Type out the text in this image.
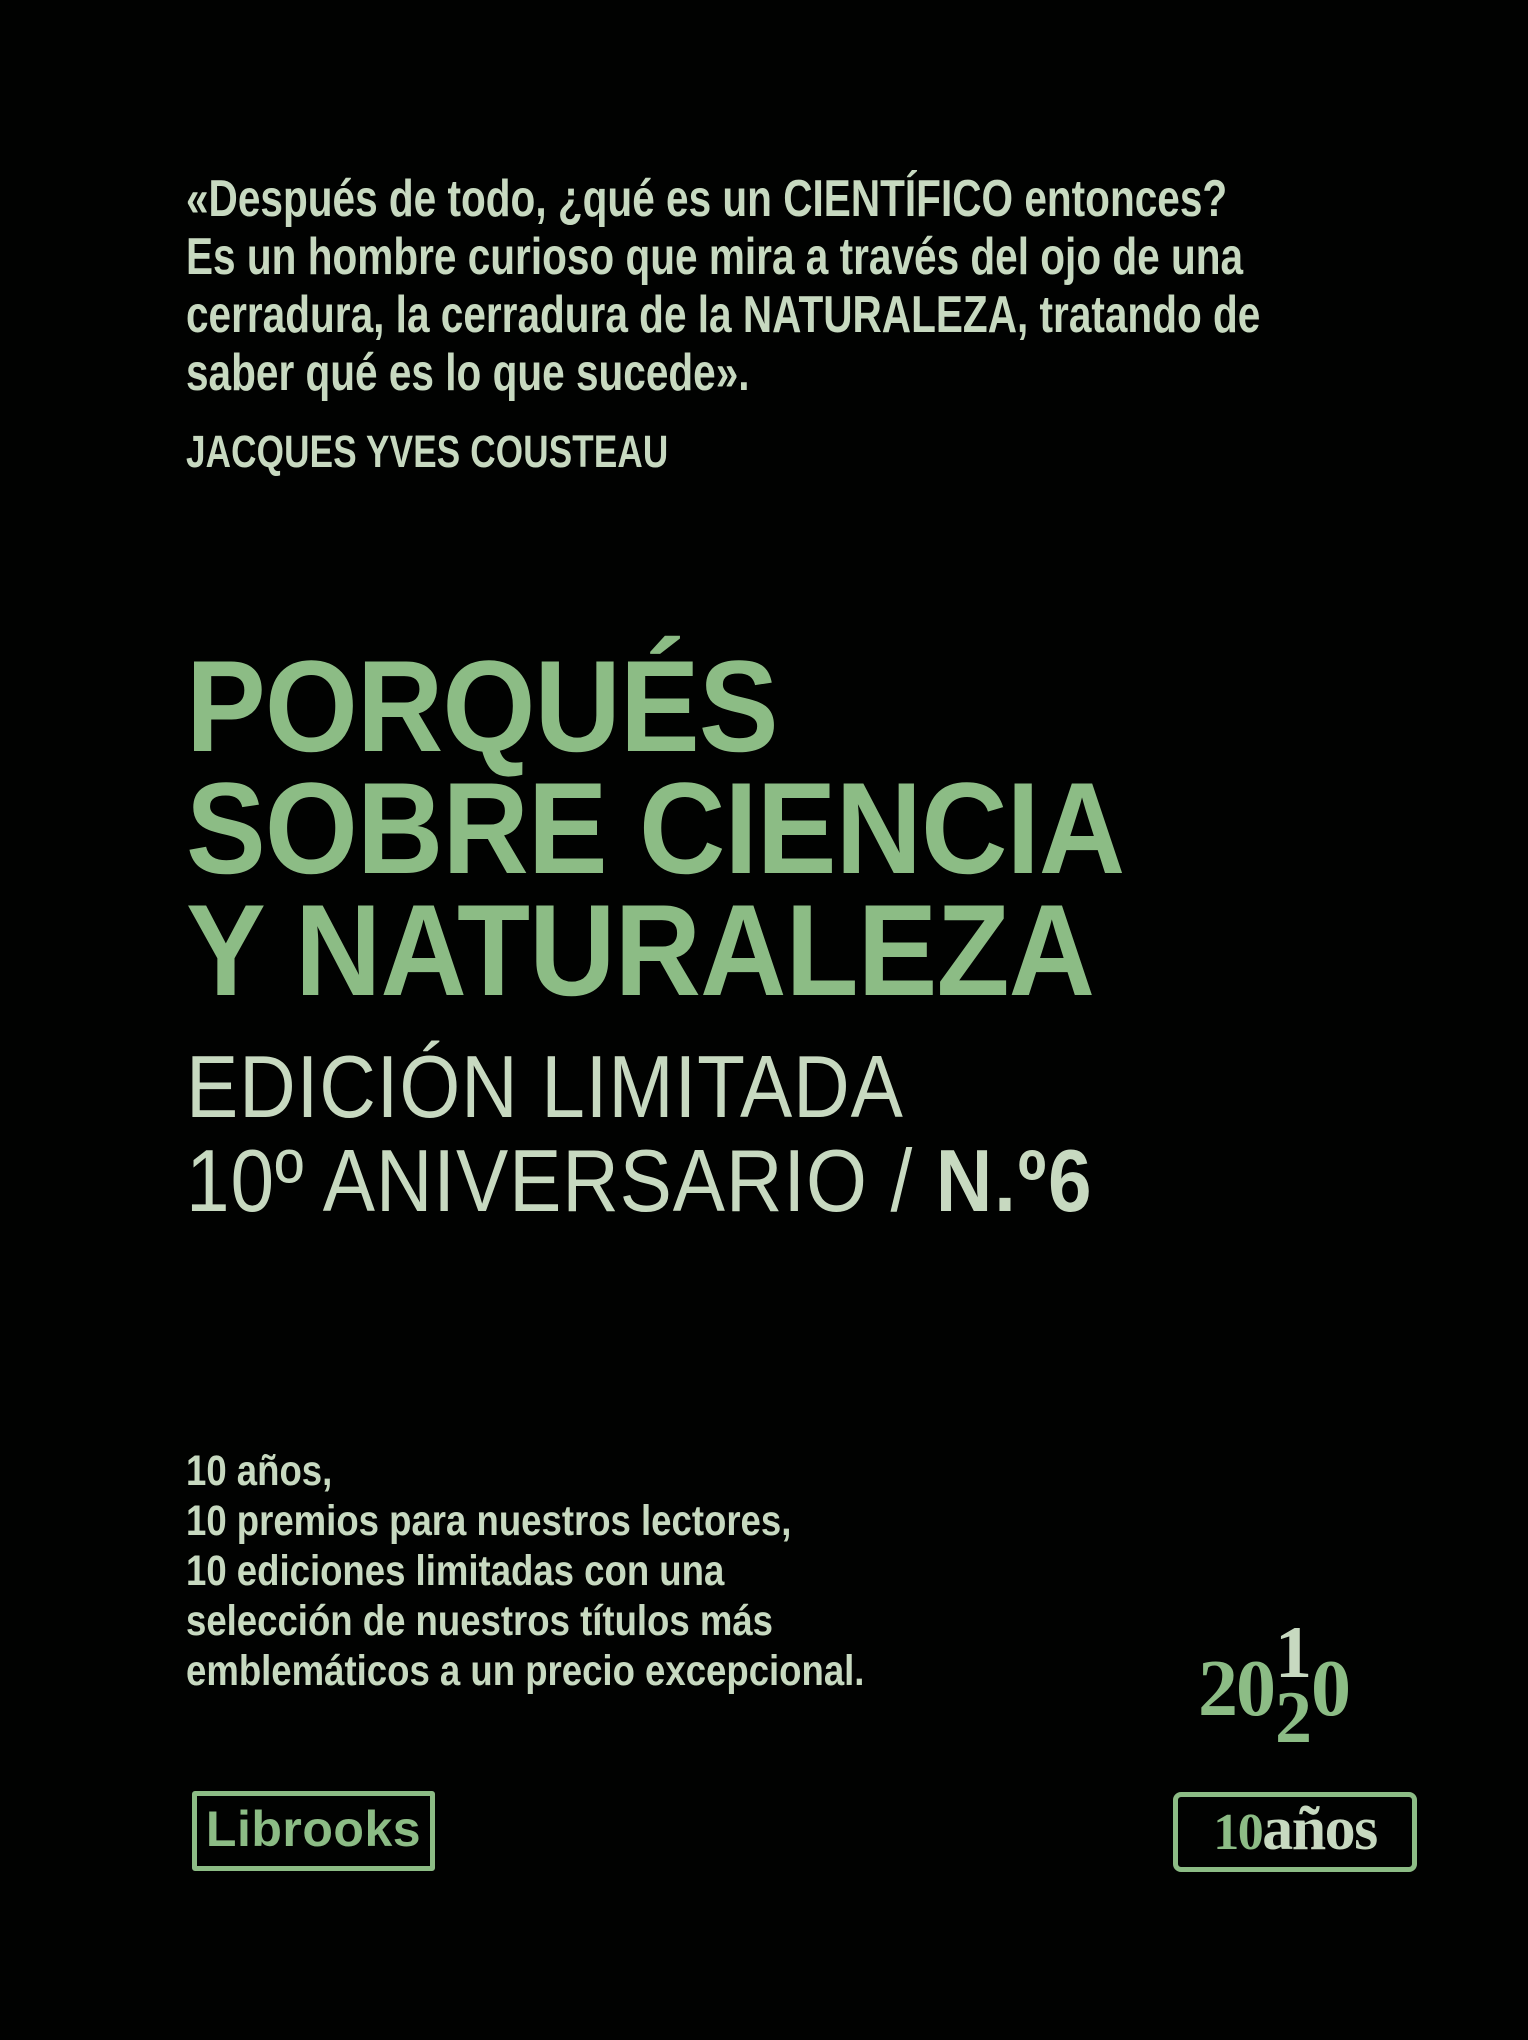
«Después de todo, ¿qué es un CIENTÍFICO entonces?
Es un hombre curioso que mira a través del ojo de una
cerradura, la cerradura de la NATURALEZA, tratando de
saber qué es lo que sucede».
JACQUES YVES COUSTEAU
PORQUÉS
SOBRE CIENCIA
Y NATURALEZA
EDICIÓN LIMITADA
10º ANIVERSARIO / N.º6
10 años,
10 premios para nuestros lectores,
10 ediciones limitadas con una
selección de nuestros títulos más
emblemáticos a un precio excepcional.	20 1
2 0
Librooks	10 años
